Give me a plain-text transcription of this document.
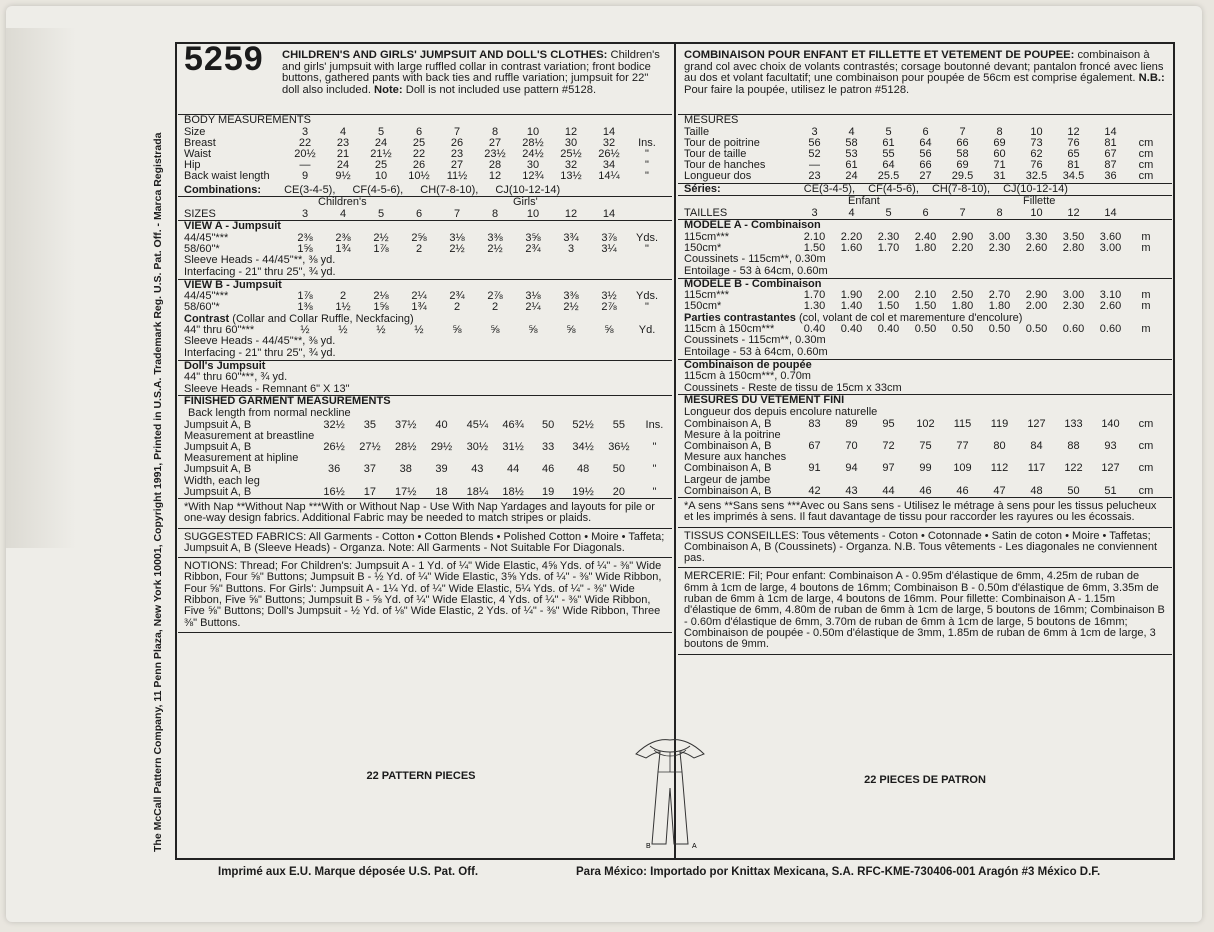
The McCall Pattern Company, 11 Penn Plaza, New York 10001, Copyright 1991, Printed in U.S.A. Trademark Reg. U.S. Pat. Off. - Marca Registrada
5259 CHILDREN'S AND GIRLS' JUMPSUIT AND DOLL'S CLOTHES: Children's and girls' jumpsuit with large ruffled collar in contrast variation; front bodice buttons, gathered pants with back ties and ruffle variation; jumpsuit for 22" doll also included. Note: Doll is not included use pattern #5128.
BODY MEASUREMENTS
Size	3	4	5	6	7	8	10	12	14	
Breast	22	23	24	25	26	27	28½	30	32	Ins.
Waist	20½	21	21½	22	23	23½	24½	25½	26½	"
Hip	—	24	25	26	27	28	30	32	34	"
Back waist length	9	9½	10	10½	11½	12	12¾	13½	14¼	"
Combinations: CE(3-4-5), CF(4-5-6), CH(7-8-10), CJ(10-12-14)
Children's	Girls'
SIZES	3	4	5	6	7	8	10	12	14
VIEW A - Jumpsuit
44/45"***	2⅜	2⅜	2½	2⅝	3⅛	3⅜	3⅝	3¾	3⅞	Yds.
58/60"*	1⅝	1¾	1⅞	2	2½	2½	2¾	3	3¼	"
Sleeve Heads - 44/45"**, ⅜ yd.
Interfacing - 21" thru 25", ¾ yd.
VIEW B - Jumpsuit
44/45"***	1⅞	2	2⅛	2¼	2¾	2⅞	3⅛	3⅜	3½	Yds.
58/60"*	1⅜	1½	1⅝	1¾	2	2	2¼	2½	2⅞	"
Contrast (Collar and Collar Ruffle, Neckfacing)
44" thru 60"***	½	½	½	½	⅝	⅝	⅝	⅝	⅝	Yd.
Sleeve Heads - 44/45"**, ⅜ yd.
Interfacing - 21" thru 25", ¾ yd.
Doll's Jumpsuit
44" thru 60"***, ¾ yd.
Sleeve Heads - Remnant 6" X 13"
FINISHED GARMENT MEASUREMENTS
Back length from normal neckline
Jumpsuit A, B	32½	35	37½	40	45¼	46¾	50	52½	55	Ins.
Measurement at breastline										
Jumpsuit A, B	26½	27½	28½	29½	30½	31½	33	34½	36½	"
Measurement at hipline										
Jumpsuit A, B	36	37	38	39	43	44	46	48	50	"
Width, each leg										
Jumpsuit A, B	16½	17	17½	18	18¼	18½	19	19½	20	"
*With Nap **Without Nap ***With or Without Nap - Use With Nap Yardages and layouts for pile or one-way design fabrics. Additional Fabric may be needed to match stripes or plaids.
SUGGESTED FABRICS: All Garments - Cotton • Cotton Blends • Polished Cotton • Moire • Taffeta; Jumpsuit A, B (Sleeve Heads) - Organza. Note: All Garments - Not Suitable For Diagonals.
NOTIONS: Thread; For Children's: Jumpsuit A - 1 Yd. of ¼" Wide Elastic, 4⅝ Yds. of ¼" - ⅜" Wide Ribbon, Four ⅝" Buttons; Jumpsuit B - ½ Yd. of ¼" Wide Elastic, 3⅝ Yds. of ¼" - ⅜" Wide Ribbon, Four ⅝" Buttons. For Girls': Jumpsuit A - 1¼ Yd. of ¼" Wide Elastic, 5¼ Yds. of ¼" - ⅜" Wide Ribbon, Five ⅝" Buttons; Jumpsuit B - ⅝ Yd. of ¼" Wide Elastic, 4 Yds. of ¼" - ⅜" Wide Ribbon, Five ⅝" Buttons; Doll's Jumpsuit - ½ Yd. of ⅛" Wide Elastic, 2 Yds. of ¼" - ⅜" Wide Ribbon, Three ⅜" Buttons.
COMBINAISON POUR ENFANT ET FILLETTE ET VETEMENT DE POUPEE: combinaison à grand col avec choix de volants contrastés; corsage boutonné devant; pantalon froncé avec liens au dos et volant facultatif; une combinaison pour poupée de 56cm est comprise également. N.B.: Pour faire la poupée, utilisez le patron #5128.
MESURES
Taille	3	4	5	6	7	8	10	12	14	
Tour de poitrine	56	58	61	64	66	69	73	76	81	cm
Tour de taille	52	53	55	56	58	60	62	65	67	cm
Tour de hanches	—	61	64	66	69	71	76	81	87	cm
Longueur dos	23	24	25.5	27	29.5	31	32.5	34.5	36	cm
Séries:	CE(3-4-5), CF(4-5-6), CH(7-8-10), CJ(10-12-14)
Enfant	Fillette
TAILLES	3	4	5	6	7	8	10	12	14
MODELE A - Combinaison
115cm***	2.10	2.20	2.30	2.40	2.90	3.00	3.30	3.50	3.60	m
150cm*	1.50	1.60	1.70	1.80	2.20	2.30	2.60	2.80	3.00	m
Coussinets - 115cm**, 0.30m
Entoilage - 53 à 64cm, 0.60m
MODELE B - Combinaison
115cm***	1.70	1.90	2.00	2.10	2.50	2.70	2.90	3.00	3.10	m
150cm*	1.30	1.40	1.50	1.50	1.80	1.80	2.00	2.30	2.60	m
Parties contrastantes (col, volant de col et marementure d'encolure)
115cm à 150cm***	0.40	0.40	0.40	0.50	0.50	0.50	0.50	0.60	0.60	m
Coussinets - 115cm**, 0.30m
Entoilage - 53 à 64cm, 0.60m
Combinaison de poupée
115cm à 150cm***, 0.70m
Coussinets - Reste de tissu de 15cm x 33cm
MESURES DU VETEMENT FINI
Longueur dos depuis encolure naturelle
Combinaison A, B	83	89	95	102	115	119	127	133	140	cm
Mesure à la poitrine										
Combinaison A, B	67	70	72	75	77	80	84	88	93	cm
Mesure aux hanches										
Combinaison A, B	91	94	97	99	109	112	117	122	127	cm
Largeur de jambe										
Combinaison A, B	42	43	44	46	46	47	48	50	51	cm
*A sens **Sans sens ***Avec ou Sans sens - Utilisez le métrage à sens pour les tissus pelucheux et les imprimés à sens. Il faut davantage de tissu pour raccorder les rayures ou les écossais.
TISSUS CONSEILLES: Tous vêtements - Coton • Cotonnade • Satin de coton • Moire • Taffetas; Combinaison A, B (Coussinets) - Organza. N.B. Tous vêtements - Les diagonales ne conviennent pas.
MERCERIE: Fil; Pour enfant: Combinaison A - 0.95m d'élastique de 6mm, 4.25m de ruban de 6mm à 1cm de large, 4 boutons de 16mm; Combinaison B - 0.50m d'élastique de 6mm, 3.35m de ruban de 6mm à 1cm de large, 4 boutons de 16mm. Pour fillette: Combinaison A - 1.15m d'élastique de 6mm, 4.80m de ruban de 6mm à 1cm de large, 5 boutons de 16mm; Combinaison B - 0.60m d'élastique de 6mm, 3.70m de ruban de 6mm à 1cm de large, 5 boutons de 16mm; Combinaison de poupée - 0.50m d'élastique de 3mm, 1.85m de ruban de 6mm à 1cm de large, 3 boutons de 9mm.
22 PATTERN PIECES	22 PIECES DE PATRON
B	A
Imprimé aux E.U. Marque déposée U.S. Pat. Off.	Para México: Importado por Knittax Mexicana, S.A. RFC-KME-730406-001 Aragón #3 México D.F.
